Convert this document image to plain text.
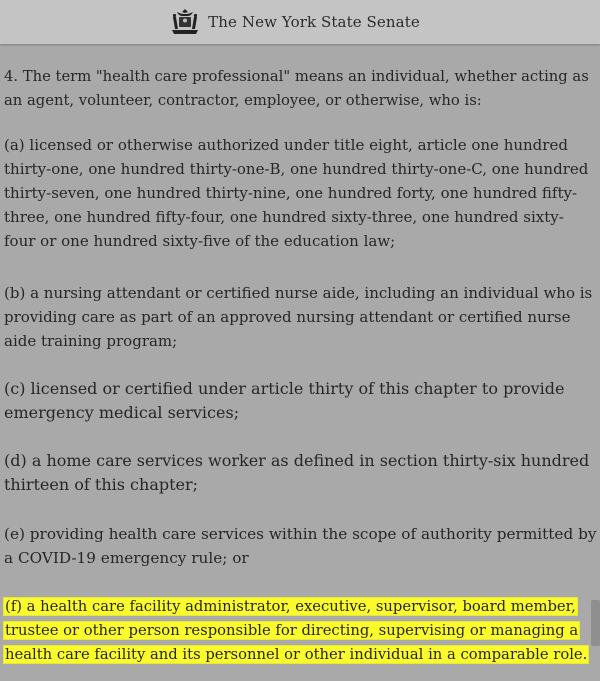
The New York State Senate

4. The term "health care professional" means an individual, whether acting as
an agent, volunteer, contractor, employee, or otherwise, who is:

(a) licensed or otherwise authorized under title eight, article one hundred
thirty-one, one hundred thirty-one-B, one hundred thirty-one-C, one hundred
thirty-seven, one hundred thirty-nine, one hundred forty, one hundred fifty-
three, one hundred fifty-four, one hundred sixty-three, one hundred sixty-
four or one hundred sixty-five of the education law;

(b) a nursing attendant or certified nurse aide, including an individual who is
providing care as part of an approved nursing attendant or certified nurse
aide training program;

(c) licensed or certified under article thirty of this chapter to provide
emergency medical services;

(d) a home care services worker as defined in section thirty-six hundred
thirteen of this chapter;

(e) providing health care services within the scope of authority permitted by
a COVID-19 emergency rule; or

(f) a health care facility administrator, executive, supervisor, board member,
trustee or other person responsible for directing, supervising or managing a
health care facility and its personnel or other individual in a comparable role.
